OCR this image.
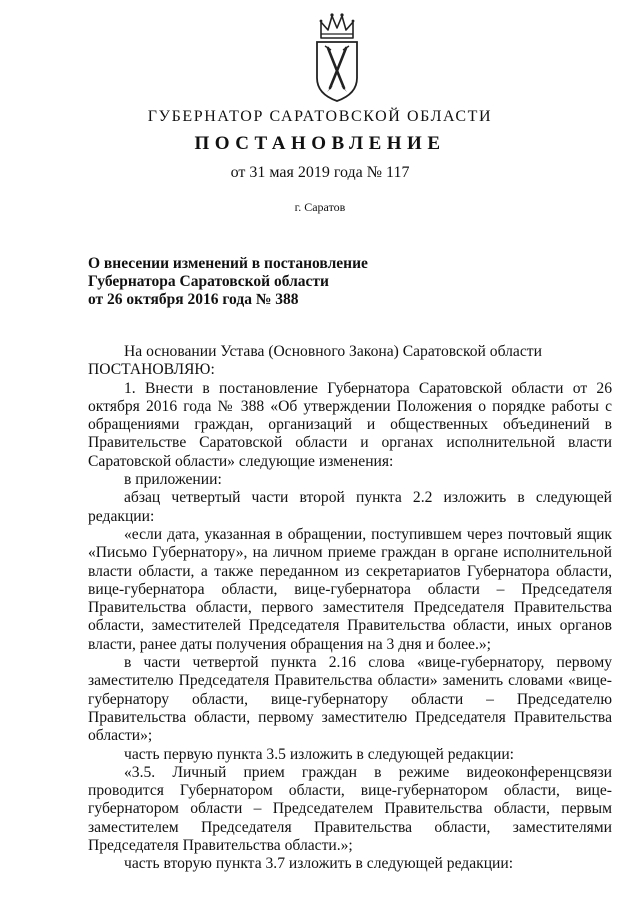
ГУБЕРНАТОР САРАТОВСКОЙ ОБЛАСТИ
ПОСТАНОВЛЕНИЕ
от 31 мая 2019 года № 117
г. Саратов
О внесении изменений в постановление
Губернатора Саратовской области
от 26 октября 2016 года № 388

На основании Устава (Основного Закона) Саратовской области

ПОСТАНОВЛЯЮ:

1. Внести в постановление Губернатора Саратовской области от 26 октября 2016 года № 388 «Об утверждении Положения о порядке работы с обращениями граждан, организаций и общественных объединений в Правительстве Саратовской области и органах исполнительной власти Саратовской области» следующие изменения:

в приложении:

абзац четвертый части второй пункта 2.2 изложить в следующей редакции:

«если дата, указанная в обращении, поступившем через почтовый ящик «Письмо Губернатору», на личном приеме граждан в органе исполнительной власти области, а также переданном из секретариатов Губернатора области, вице-губернатора области, вице-губернатора области – Председателя Правительства области, первого заместителя Председателя Правительства области, заместителей Председателя Правительства области, иных органов власти, ранее даты получения обращения на 3 дня и более.»;

в части четвертой пункта 2.16 слова «вице-губернатору, первому заместителю Председателя Правительства области» заменить словами «вице-губернатору области, вице-губернатору области – Председателю Правительства области, первому заместителю Председателя Правительства области»;

часть первую пункта 3.5 изложить в следующей редакции:

«3.5. Личный прием граждан в режиме видеоконференцсвязи проводится Губернатором области, вице-губернатором области, вице-губернатором области – Председателем Правительства области, первым заместителем Председателя Правительства области, заместителями Председателя Правительства области.»;

часть вторую пункта 3.7 изложить в следующей редакции:
